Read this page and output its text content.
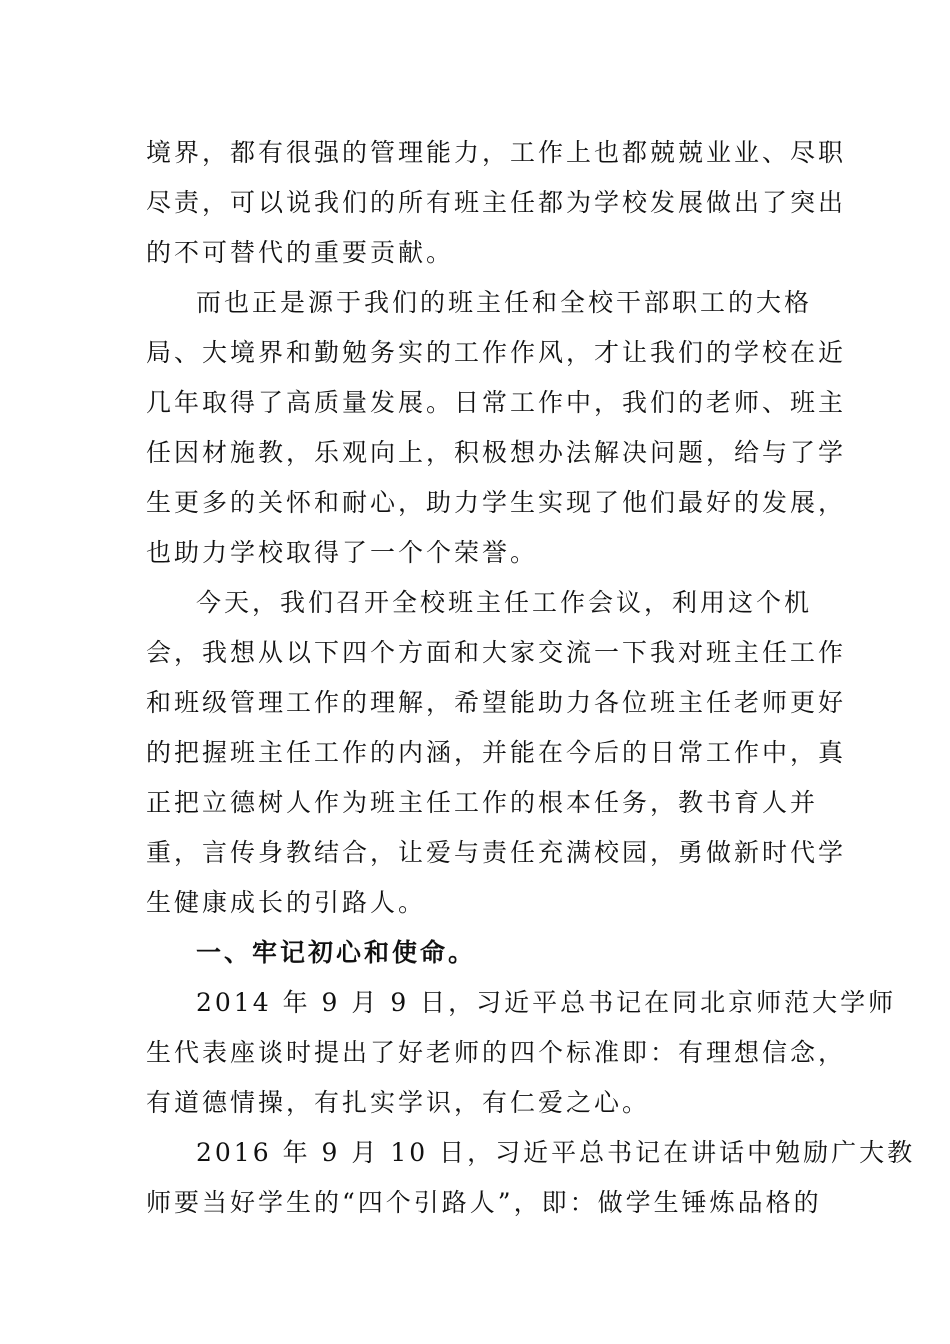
境界，都有很强的管理能力，工作上也都兢兢业业、尽职
尽责，可以说我们的所有班主任都为学校发展做出了突出
的不可替代的重要贡献。
而也正是源于我们的班主任和全校干部职工的大格
局、大境界和勤勉务实的工作作风，才让我们的学校在近
几年取得了高质量发展。日常工作中，我们的老师、班主
任因材施教，乐观向上，积极想办法解决问题，给与了学
生更多的关怀和耐心，助力学生实现了他们最好的发展，
也助力学校取得了一个个荣誉。
今天，我们召开全校班主任工作会议，利用这个机
会，我想从以下四个方面和大家交流一下我对班主任工作
和班级管理工作的理解，希望能助力各位班主任老师更好
的把握班主任工作的内涵，并能在今后的日常工作中，真
正把立德树人作为班主任工作的根本任务，教书育人并
重，言传身教结合，让爱与责任充满校园，勇做新时代学
生健康成长的引路人。
一、牢记初心和使命。
2014 年 9 月 9 日，习近平总书记在同北京师范大学师
生代表座谈时提出了好老师的四个标准即：有理想信念，
有道德情操，有扎实学识，有仁爱之心。
2016 年 9 月 10 日，习近平总书记在讲话中勉励广大教
师要当好学生的“四个引路人”，即：做学生锤炼品格的
